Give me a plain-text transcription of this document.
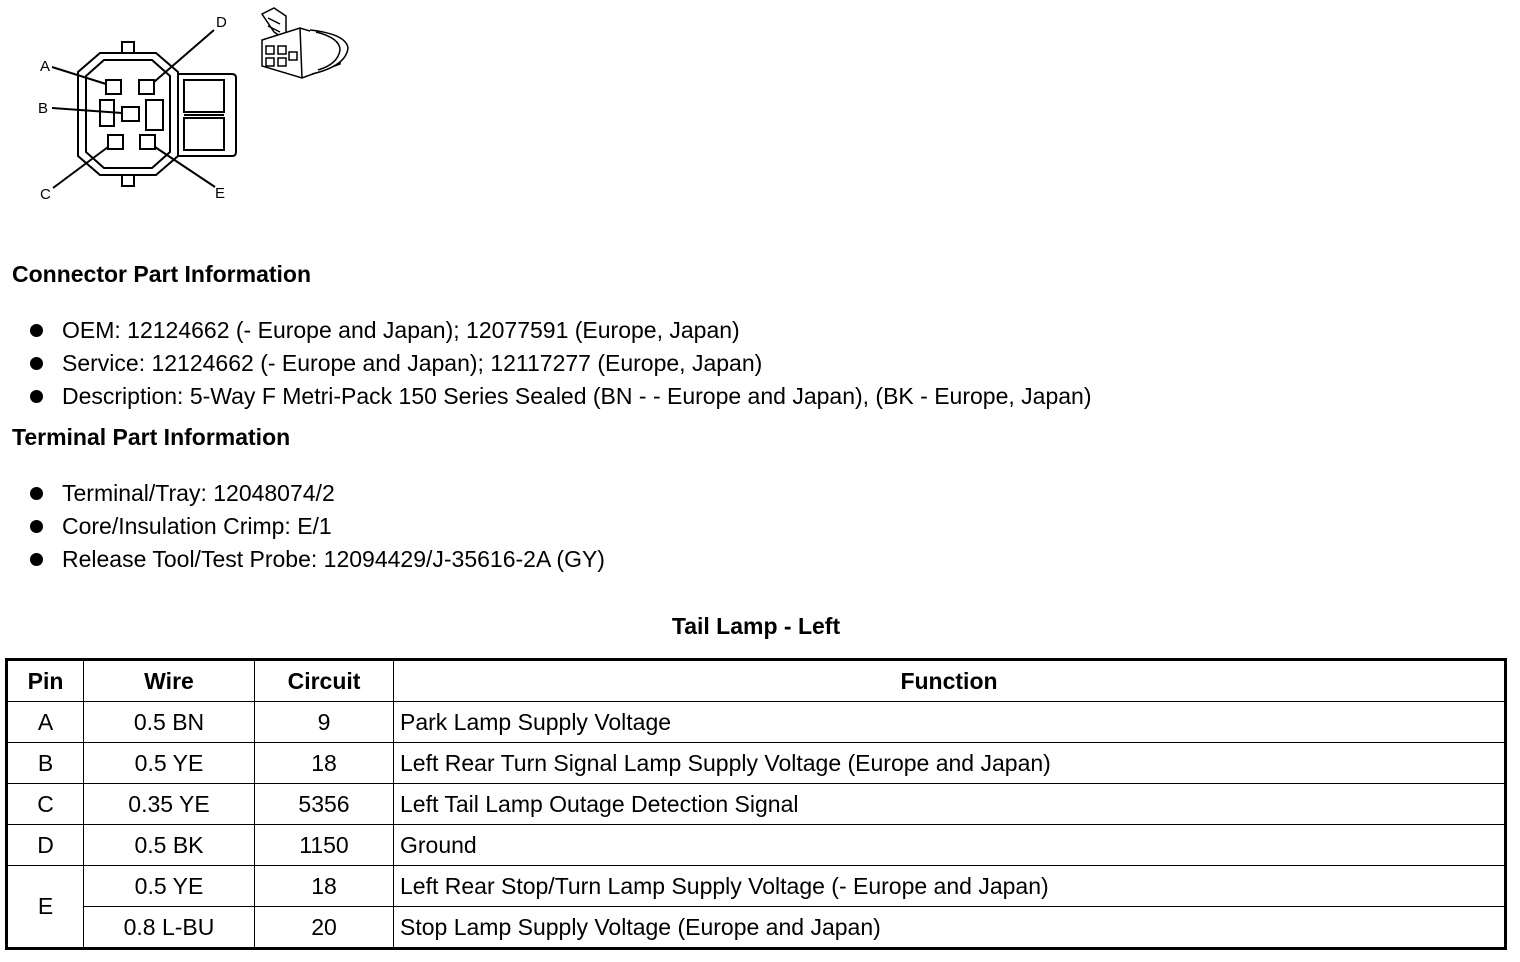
A
B
C
D
E
Connector Part Information
OEM: 12124662 (- Europe and Japan); 12077591 (Europe, Japan)
Service: 12124662 (- Europe and Japan); 12117277 (Europe, Japan)
Description: 5-Way F Metri-Pack 150 Series Sealed (BN - - Europe and Japan), (BK - Europe, Japan)
Terminal Part Information
Terminal/Tray: 12048074/2
Core/Insulation Crimp: E/1
Release Tool/Test Probe: 12094429/J-35616-2A (GY)
Tail Lamp - Left
Pin	Wire	Circuit	Function
A	0.5 BN	9	Park Lamp Supply Voltage
B	0.5 YE	18	Left Rear Turn Signal Lamp Supply Voltage (Europe and Japan)
C	0.35 YE	5356	Left Tail Lamp Outage Detection Signal
D	0.5 BK	1150	Ground
E	0.5 YE	18	Left Rear Stop/Turn Lamp Supply Voltage (- Europe and Japan)
	0.8 L-BU	20	Stop Lamp Supply Voltage (Europe and Japan)
